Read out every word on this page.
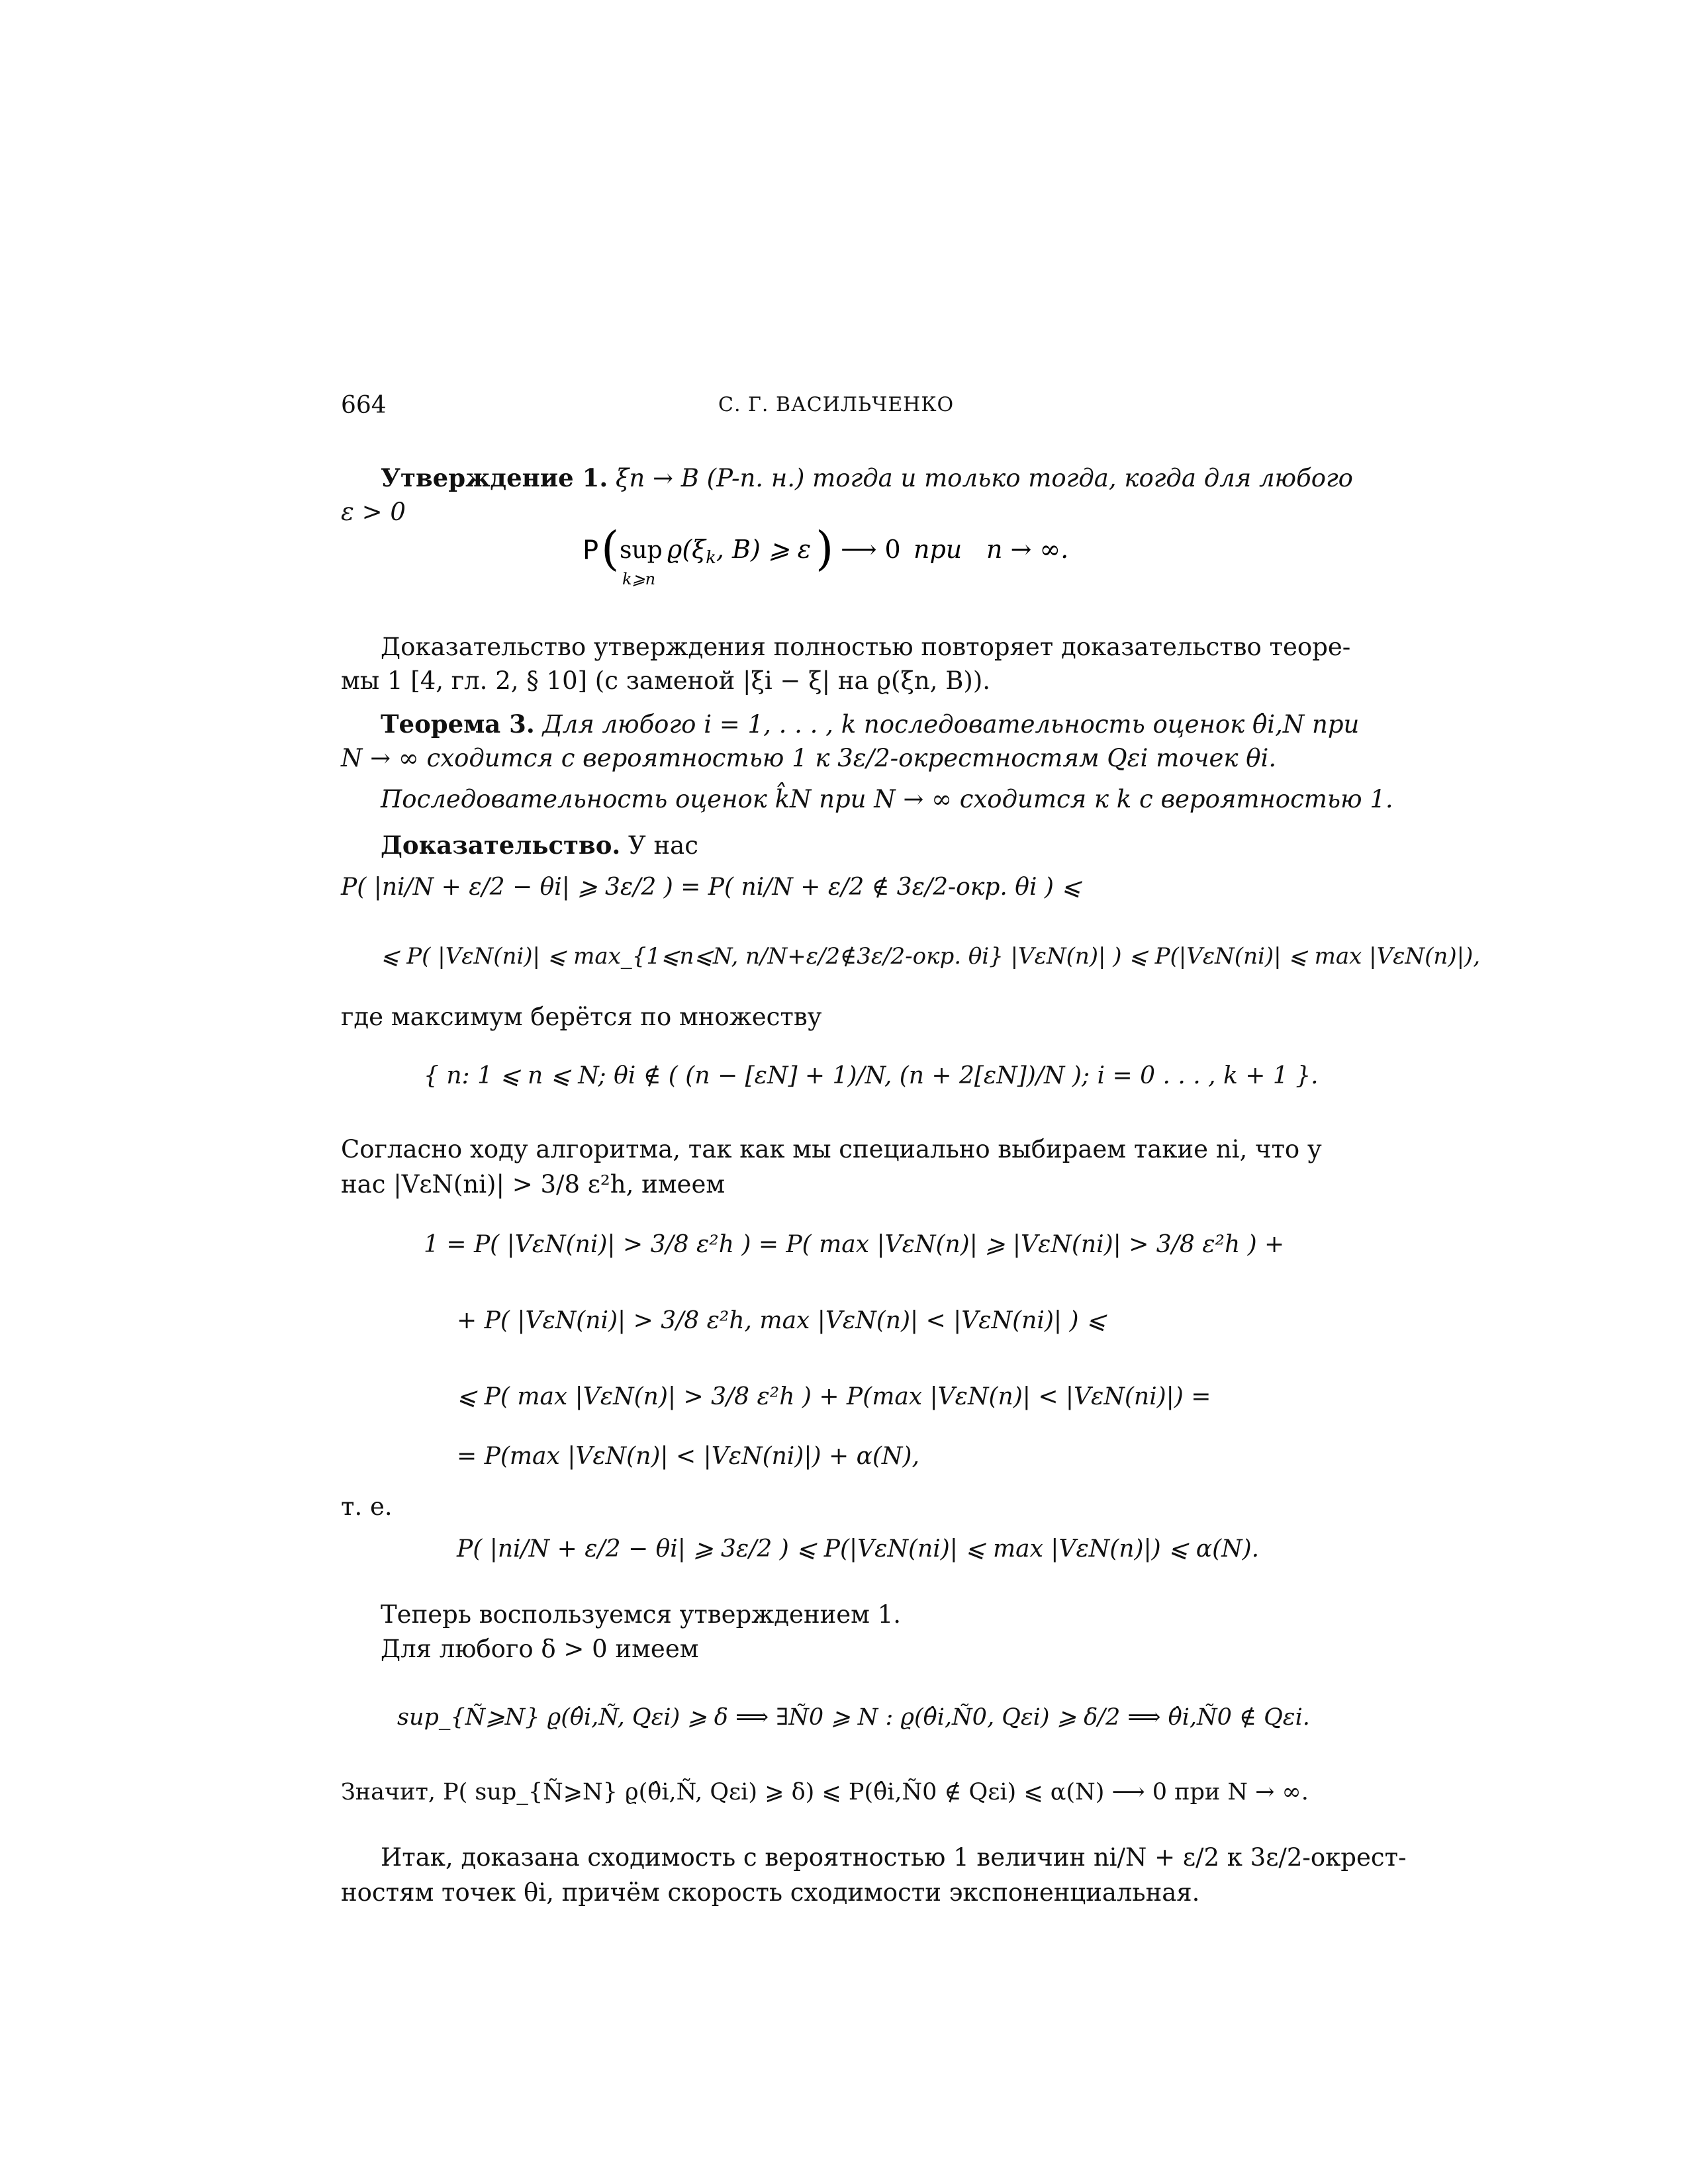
664	С. Г. ВАСИЛЬЧЕНКО
Утверждение 1. ξn → B (P-п. н.) тогда и только тогда, когда для любого
ε > 0
P ( sup
k⩾n
$ϱ(\xi_k$, B) ⩾ ε ) ⟶ 0 при n → ∞.
Доказательство утверждения полностью повторяет доказательство теоре-
мы 1 [4, гл. 2, § 10] (с заменой |ξi − ξ| на ϱ(ξn, B)).
Теорема 3. Для любого i = 1, . . . , k последовательность оценок θ̂i,N при
N → ∞ сходится с вероятностью 1 к 3ε/2-окрестностям Qεi точек θi.
Последовательность оценок k̂N при N → ∞ сходится к k с вероятностью 1.
Доказательство. У нас
P( |ni/N + ε/2 − θi| ⩾ 3ε/2 ) = P( ni/N + ε/2 ∉ 3ε/2-окр. θi ) ⩽
⩽ P( |VεN(ni)| ⩽ max_{1⩽n⩽N, n/N+ε/2∉3ε/2-окр. θi} |VεN(n)| ) ⩽ P(|VεN(ni)| ⩽ max |VεN(n)|),
где максимум берётся по множеству
{ n: 1 ⩽ n ⩽ N; θi ∉ ( (n − [εN] + 1)/N, (n + 2[εN])/N ); i = 0 . . . , k + 1 }.
Согласно ходу алгоритма, так как мы специально выбираем такие ni, что у
нас |VεN(ni)| > 3/8 ε²h, имеем
1 = P( |VεN(ni)| > 3/8 ε²h ) = P( max |VεN(n)| ⩾ |VεN(ni)| > 3/8 ε²h ) +
+ P( |VεN(ni)| > 3/8 ε²h, max |VεN(n)| < |VεN(ni)| ) ⩽
⩽ P( max |VεN(n)| > 3/8 ε²h ) + P(max |VεN(n)| < |VεN(ni)|) =
= P(max |VεN(n)| < |VεN(ni)|) + α(N),
т. е.
P( |ni/N + ε/2 − θi| ⩾ 3ε/2 ) ⩽ P(|VεN(ni)| ⩽ max |VεN(n)|) ⩽ α(N).
Теперь воспользуемся утверждением 1.
Для любого δ > 0 имеем
sup_{Ñ⩾N} ϱ(θ̂i,Ñ, Qεi) ⩾ δ ⟹ ∃Ñ0 ⩾ N : ϱ(θ̂i,Ñ0, Qεi) ⩾ δ/2 ⟹ θ̂i,Ñ0 ∉ Qεi.
Значит, P( sup_{Ñ⩾N} ϱ(θ̂i,Ñ, Qεi) ⩾ δ) ⩽ P(θ̂i,Ñ0 ∉ Qεi) ⩽ α(N) ⟶ 0 при N → ∞.
Итак, доказана сходимость с вероятностью 1 величин ni/N + ε/2 к 3ε/2-окрест-
ностям точек θi, причём скорость сходимости экспоненциальная.
